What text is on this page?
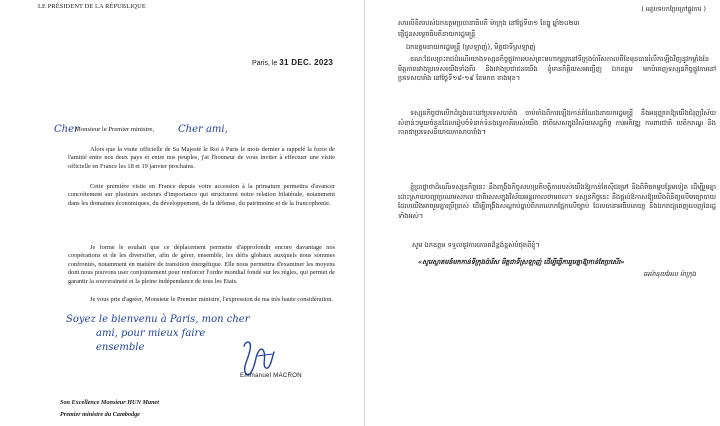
LE PRÉSIDENT DE LA RÉPUBLIQUE
Paris, le 31 DEC. 2023
Cher
Monsieur le Premier ministre, Cher ami,

Alors que la visite officielle de Sa Majesté le Roi à Paris le mois dernier a rappelé la force de l'amitié entre nos deux pays et entre nos peuples, j'ai l'honneur de vous inviter à effectuer une visite officielle en France les 18 et 19 janvier prochains.

Cette première visite en France depuis votre accession à la primature permettra d'avancer concrètement sur plusieurs secteurs d'importance qui structurent notre relation bilatérale, notamment dans les domaines économiques, du développement, de la défense, du patrimoine et de la francophonie.

Je forme le souhait que ce déplacement permette d'approfondir encore davantage nos coopérations et de les diversifier, afin de gérer, ensemble, les défis globaux auxquels nous sommes confrontés, notamment en matière de transition énergétique. Elle nous permettra d'examiner les moyens dont nous pouvons user conjointement pour renforcer l'ordre mondial fondé sur les règles, qui permet de garantir la souveraineté et la pleine indépendance de tous les Etats.

Je vous prie d'agréer, Monsieur le Premier ministre, l'expression de ma très haute considération.

Soyez le bienvenu à Paris, mon cher
ami, pour mieux faire ensemble
Emmanuel MACRON
Son Excellence Monsieur HUN Manet
Premier ministre du Cambodge
( អត្ថបទបកប្រែក្រៅផ្លូវការ )
សារលិខិតរបស់ឯកឧត្តមប្រធានាធិបតី ម៉ាក្រុង នៅថ្ងៃទី៣១ ខែធ្នូ ឆ្នាំ២០២៣
ផ្ញើជូនសម្ដេចធិបតីនាយករដ្ឋមន្ត្រី
ឯកឧត្ដមនាយករដ្ឋមន្ត្រី (ស្រឡាញ់), មិត្តជាទីស្រឡាញ់

ខណៈដែលព្រះរាជដំណើរយាងទស្សនកិច្ចផ្លូវការរបស់ព្រះមហាក្សត្រនៅទីក្រុងប៉ារីសកាលពីខែមុនបានរំលឹកឡើងវិញនូវកម្លាំងនៃមិត្តភាពរវាងប្រទេសយើងទាំងពីរ និងរវាងប្រជាជនយើង ខ្ញុំមានកិត្តិយសអញ្ជើញ ឯកឧត្តម មកបំពេញទស្សនកិច្ចផ្លូវការនៅប្រទេសបារាំង នៅថ្ងៃទី១៨-១៩ ខែមករា ខាងមុខ។

ទស្សនកិច្ចជាលើកដំបូងនេះនៅប្រទេសបារាំង ចាប់តាំងពីការឡើងកាន់តំណែងនាយករដ្ឋមន្ត្រី នឹងអនុញ្ញាតឱ្យយើងជំរុញវិស័យសំខាន់ៗមួយចំនួនដែលរៀបចំទំនាក់ទំនងទ្វេភាគីរបស់យើង ជាពិសេសក្នុងវិស័យសេដ្ឋកិច្ច ការអភិវឌ្ឍ ការពារជាតិ បេតិកភណ្ឌ និងភាពជាប្រទេសនិយាយភាសាបារាំង។

ខ្ញុំប្រាថ្នាថាដំណើរទស្សនកិច្ចនេះ នឹងពង្រឹងកិច្ចសហប្រតិបត្តិការរបស់យើងឱ្យកាន់តែស៊ីជម្រៅ និងពិពិធកម្មបន្ថែមទៀត ដើម្បីរួមគ្នាដោះស្រាយបញ្ហាប្រឈមសកល ជាពិសេសក្នុងវិស័យអន្តរកាលថាមពល។ ទស្សនកិច្ចនេះ នឹងផ្ដល់ឱកាសឱ្យយើងពិនិត្យលើមធ្យោបាយដែលយើងអាចរួមគ្នាប្រើប្រាស់ ដើម្បីពង្រឹងសណ្ដាប់ធ្នាប់ពិភពលោកផ្អែកលើច្បាប់ ដែលធានាអធិបតេយ្យ និងឯករាជ្យពេញលេញនៃរដ្ឋទាំងអស់។

សូម ឯកឧត្តម ទទួលនូវការគោរពដ៏ខ្ពង់ខ្ពស់បំផុតពីខ្ញុំ។
«សូមស្វាគមន៍មកកាន់ទីក្រុងប៉ារីស មិត្តជាទីស្រឡាញ់ ដើម្បីធ្វើការរួមគ្នាឱ្យកាន់តែប្រសើរ»
អេម៉ានុយអែល ម៉ាក្រុង
